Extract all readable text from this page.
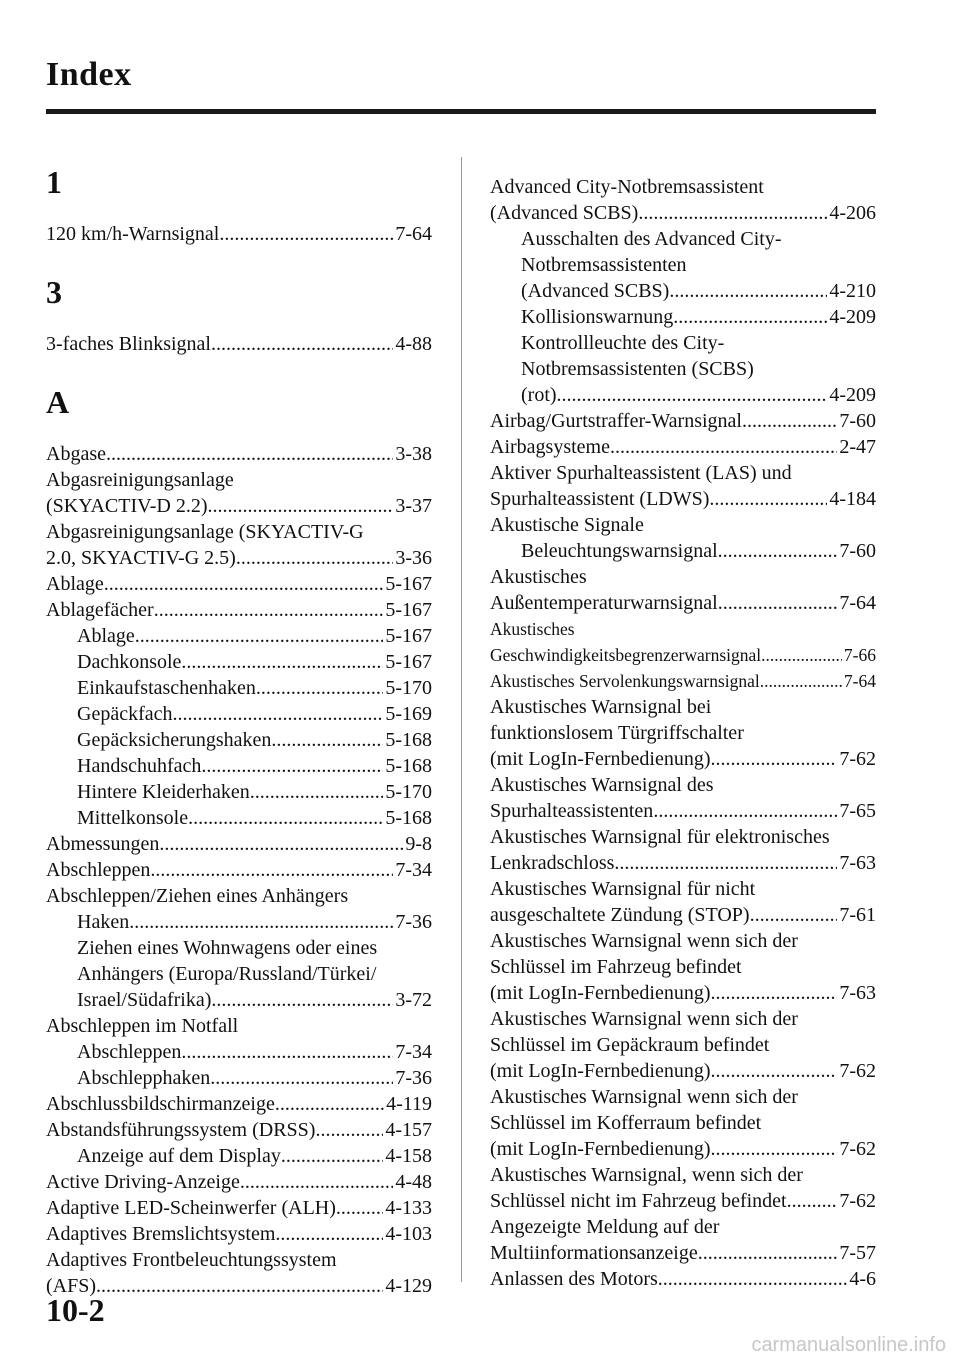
Index
1
120 km/h-Warnsignal .....	7-64
3
3-faches Blinksignal .....	4-88
A
Abgase .....	3-38
Abgasreinigungsanlage
(SKYACTIV-D 2.2) .....	3-37
Abgasreinigungsanlage (SKYACTIV-G
2.0, SKYACTIV-G 2.5) .....	3-36
Ablage .....	5-167
Ablagefächer .....	5-167
Ablage .....	5-167
Dachkonsole .....	5-167
Einkaufstaschenhaken .....	5-170
Gepäckfach .....	5-169
Gepäcksicherungshaken .....	5-168
Handschuhfach .....	5-168
Hintere Kleiderhaken .....	5-170
Mittelkonsole .....	5-168
Abmessungen .....	9-8
Abschleppen .....	7-34
Abschleppen/Ziehen eines Anhängers
Haken .....	7-36
Ziehen eines Wohnwagens oder eines
Anhängers (Europa/Russland/Türkei/
Israel/Südafrika) .....	3-72
Abschleppen im Notfall
Abschleppen .....	7-34
Abschlepphaken .....	7-36
Abschlussbildschirmanzeige .....	4-119
Abstandsführungssystem (DRSS) .....	4-157
Anzeige auf dem Display .....	4-158
Active Driving-Anzeige .....	4-48
Adaptive LED-Scheinwerfer (ALH) ..... 4-133
Adaptives Bremslichtsystem .....	4-103
Adaptives Frontbeleuchtungssystem
(AFS) .....	4-129
Advanced City-Notbremsassistent
(Advanced SCBS) .....	4-206
Ausschalten des Advanced City-
Notbremsassistenten
(Advanced SCBS) .....	4-210
Kollisionswarnung .....	4-209
Kontrollleuchte des City-
Notbremsassistenten (SCBS)
(rot) .....	4-209
Airbag/Gurtstraffer-Warnsignal .....	7-60
Airbagsysteme .....	2-47
Aktiver Spurhalteassistent (LAS) und
Spurhalteassistent (LDWS) .....	4-184
Akustische Signale
Beleuchtungswarnsignal .....	7-60
Akustisches
Außentemperaturwarnsignal .....	7-64
Akustisches
Geschwindigkeitsbegrenzerwarnsignal .....	7-66
Akustisches Servolenkungswarnsignal .....	7-64
Akustisches Warnsignal bei
funktionslosem Türgriffschalter
(mit LogIn-Fernbedienung) .....	7-62
Akustisches Warnsignal des
Spurhalteassistenten .....	7-65
Akustisches Warnsignal für elektronisches
Lenkradschloss .....	7-63
Akustisches Warnsignal für nicht
ausgeschaltete Zündung (STOP) .....	7-61
Akustisches Warnsignal wenn sich der
Schlüssel im Fahrzeug befindet
(mit LogIn-Fernbedienung) .....	7-63
Akustisches Warnsignal wenn sich der
Schlüssel im Gepäckraum befindet
(mit LogIn-Fernbedienung) .....	7-62
Akustisches Warnsignal wenn sich der
Schlüssel im Kofferraum befindet
(mit LogIn-Fernbedienung) .....	7-62
Akustisches Warnsignal, wenn sich der
Schlüssel nicht im Fahrzeug befindet .....	7-62
Angezeigte Meldung auf der
Multiinformationsanzeige .....	7-57
Anlassen des Motors .....	4-6
10-2
carmanualsonline.info
